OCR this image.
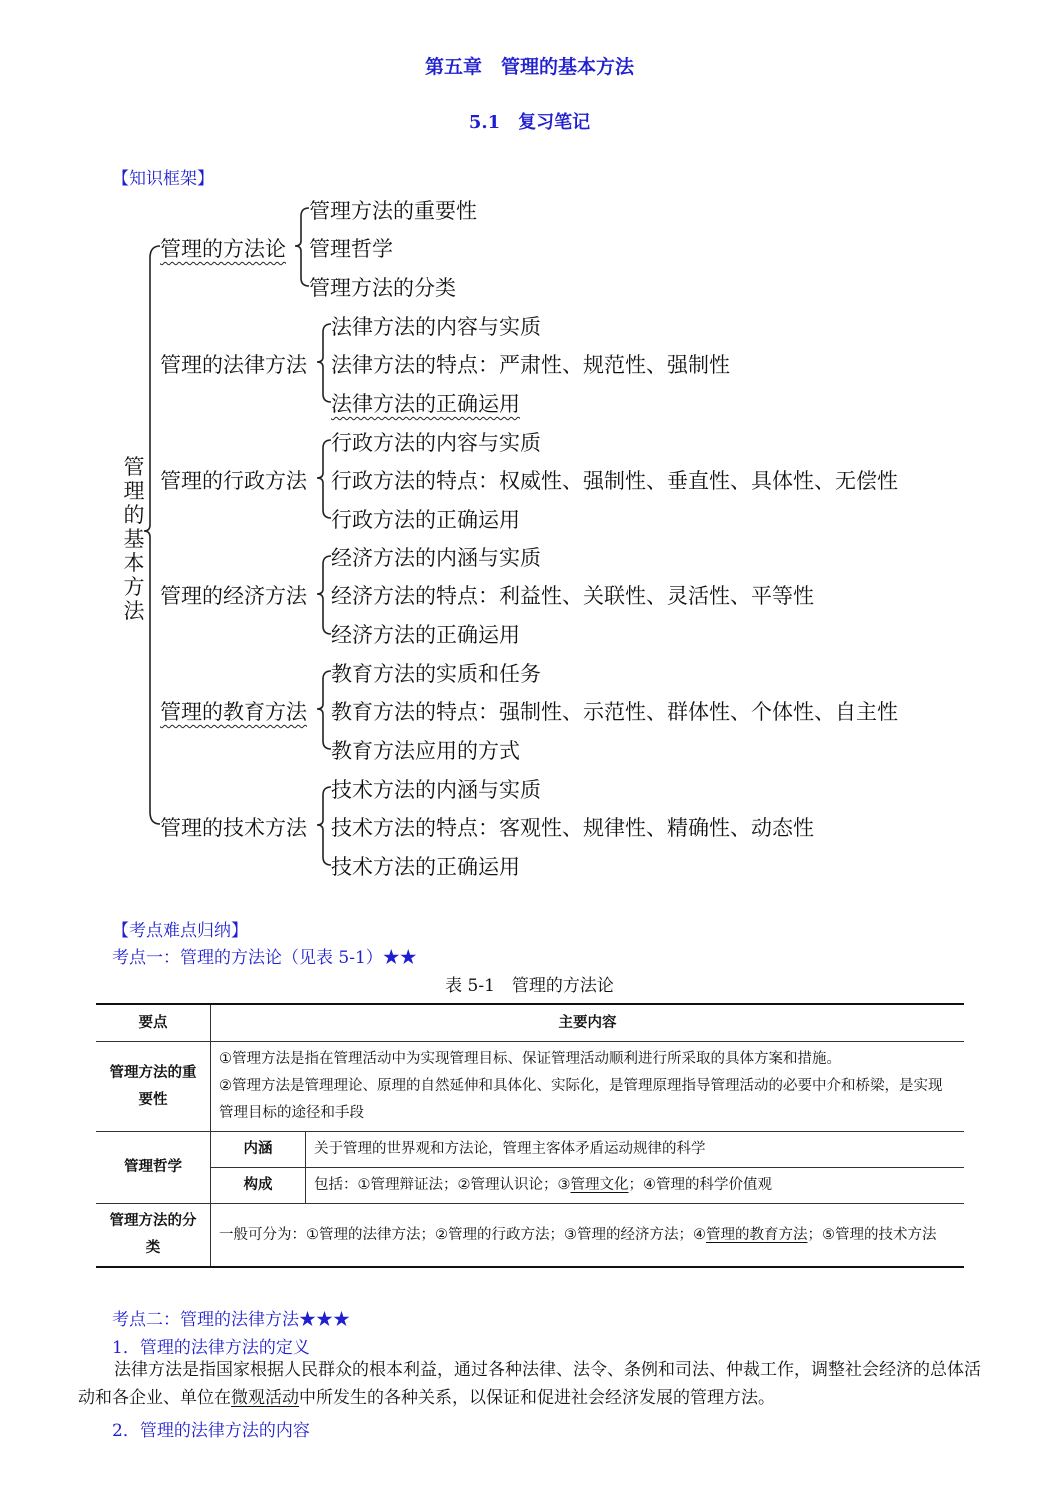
第五章　管理的基本方法
5.1　复习笔记
【知识框架】
管理的基本方法
管理的方法论
管理方法的重要性
管理哲学
管理方法的分类
管理的法律方法
法律方法的内容与实质
法律方法的特点：严肃性、规范性、强制性
法律方法的正确运用
管理的行政方法
行政方法的内容与实质
行政方法的特点：权威性、强制性、垂直性、具体性、无偿性
行政方法的正确运用
管理的经济方法
经济方法的内涵与实质
经济方法的特点：利益性、关联性、灵活性、平等性
经济方法的正确运用
管理的教育方法
教育方法的实质和任务
教育方法的特点：强制性、示范性、群体性、个体性、自主性
教育方法应用的方式
管理的技术方法
技术方法的内涵与实质
技术方法的特点：客观性、规律性、精确性、动态性
技术方法的正确运用
【考点难点归纳】
考点一：管理的方法论（见表 5-1）★★
表 5-1　管理的方法论
要点	主要内容	
管理方法的重要性	①管理方法是指在管理活动中为实现管理目标、保证管理活动顺利进行所采取的具体方案和措施。
②管理方法是管理理论、原理的自然延伸和具体化、实际化，是管理原理指导管理活动的必要中介和桥梁，是实现管理目标的途径和手段	

管理哲学	内涵	关于管理的世界观和方法论，管理主客体矛盾运动规律的科学
	构成	包括：①管理辩证法；②管理认识论；③管理文化；④管理的科学价值观
管理方法的分类	一般可分为：①管理的法律方法；②管理的行政方法；③管理的经济方法；④管理的教育方法；⑤管理的技术方法	
考点二：管理的法律方法★★★
1．管理的法律方法的定义
法律方法是指国家根据人民群众的根本利益，通过各种法律、法令、条例和司法、仲裁工作，调整社会经济的总体活动和各企业、单位在微观活动中所发生的各种关系，以保证和促进社会经济发展的管理方法。
2．管理的法律方法的内容
